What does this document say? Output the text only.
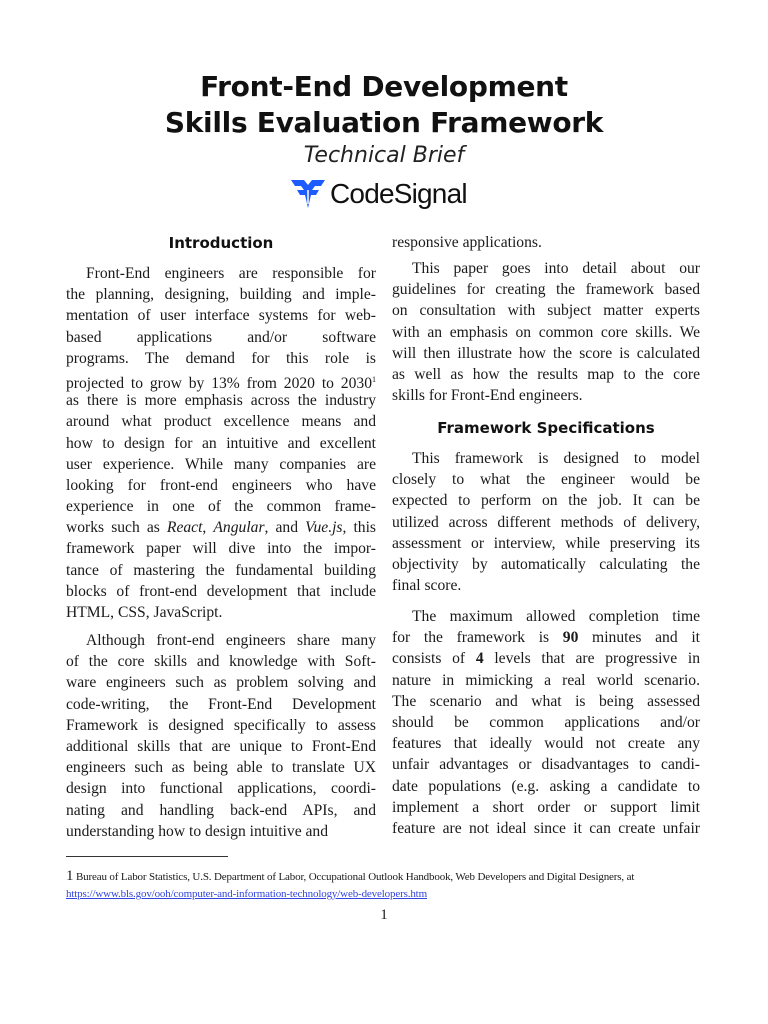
Front-End Development
Skills Evaluation Framework
Technical Brief
CodeSignal
Introduction
Framework Specifications
Front-End engineers are responsible for
the planning, designing, building and imple-
mentation of user interface systems for web-
based applications and/or software
programs. The demand for this role is
projected to grow by 13% from 2020 to 2030$^1$
as there is more emphasis across the industry
around what product excellence means and
how to design for an intuitive and excellent
user experience. While many companies are
looking for front-end engineers who have
experience in one of the common frame-
works such as React, Angular, and Vue.js, this
framework paper will dive into the impor-
tance of mastering the fundamental building
blocks of front-end development that include
HTML, CSS, JavaScript.
Although front-end engineers share many
of the core skills and knowledge with Soft-
ware engineers such as problem solving and
code-writing, the Front-End Development
Framework is designed specifically to assess
additional skills that are unique to Front-End
engineers such as being able to translate UX
design into functional applications, coordi-
nating and handling back-end APIs, and
understanding how to design intuitive and
responsive applications.
This paper goes into detail about our
guidelines for creating the framework based
on consultation with subject matter experts
with an emphasis on common core skills. We
will then illustrate how the score is calculated
as well as how the results map to the core
skills for Front-End engineers.
This framework is designed to model
closely to what the engineer would be
expected to perform on the job. It can be
utilized across different methods of delivery,
assessment or interview, while preserving its
objectivity by automatically calculating the
final score.
The maximum allowed completion time
for the framework is 90 minutes and it
consists of 4 levels that are progressive in
nature in mimicking a real world scenario.
The scenario and what is being assessed
should be common applications and/or
features that ideally would not create any
unfair advantages or disadvantages to candi-
date populations (e.g. asking a candidate to
implement a short order or support limit
feature are not ideal since it can create unfair
1 Bureau of Labor Statistics, U.S. Department of Labor, Occupational Outlook Handbook, Web Developers and Digital Designers, at https://www.bls.gov/ooh/computer-and-information-technology/web-developers.htm
1
